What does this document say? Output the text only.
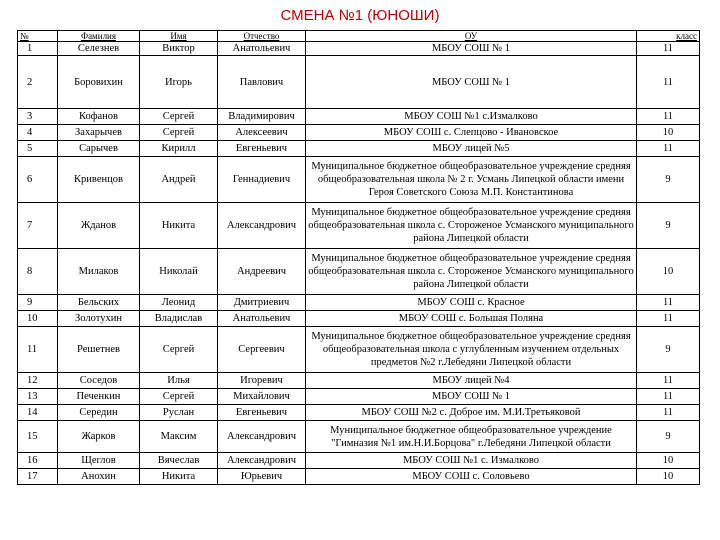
СМЕНА №1 (ЮНОШИ)
№	Фамилия	Имя	Отчество	ОУ	класс
1	Селезнев	Виктор	Анатольевич	МБОУ СОШ № 1	11
2	Боровихин	Игорь	Павлович	МБОУ СОШ № 1	11
3	Кофанов	Сергей	Владимирович	МБОУ СОШ №1 с.Измалково	11
4	Захарычев	Сергей	Алексеевич	МБОУ СОШ с. Слепцово - Ивановское	10
5	Сарычев	Кирилл	Евгеньевич	МБОУ лицей №5	11
6	Кривенцов	Андрей	Геннадиевич	Муниципальное бюджетное общеобразовательное учреждение средняя общеобразовательная школа № 2 г. Усмань Липецкой области имени Героя Советского Союза М.П. Константинова	9
7	Жданов	Никита	Александрович	Муниципальное бюджетное общеобразовательное учреждение средняя общеобразовательная школа с. Стороженое Усманского муниципального района Липецкой области	9
8	Милаков	Николай	Андреевич	Муниципальное бюджетное общеобразовательное учреждение средняя общеобразовательная школа с. Стороженое Усманского муниципального района Липецкой области	10
9	Бельских	Леонид	Дмитриевич	МБОУ СОШ с. Красное	11
10	Золотухин	Владислав	Анатольевич	МБОУ СОШ с. Большая Поляна	11
11	Решетнев	Сергей	Сергеевич	Муниципальное бюджетное общеобразовательное учреждение средняя общеобразовательная школа с углубленным изучением отдельных предметов №2 г.Лебедяни Липецкой области	9
12	Соседов	Илья	Игоревич	МБОУ лицей №4	11
13	Печенкин	Сергей	Михайлович	МБОУ СОШ № 1	11
14	Середин	Руслан	Евгеньевич	МБОУ СОШ №2 с. Доброе им. М.И.Третьяковой	11
15	Жарков	Максим	Александрович	Муниципальное бюджетное общеобразовательное учреждение "Гимназия №1 им.Н.И.Борцова" г.Лебедяни Липецкой области	9
16	Щеглов	Вячеслав	Александрович	МБОУ СОШ №1 с. Измалково	10
17	Анохин	Никита	Юрьевич	МБОУ СОШ с. Соловьево	10
